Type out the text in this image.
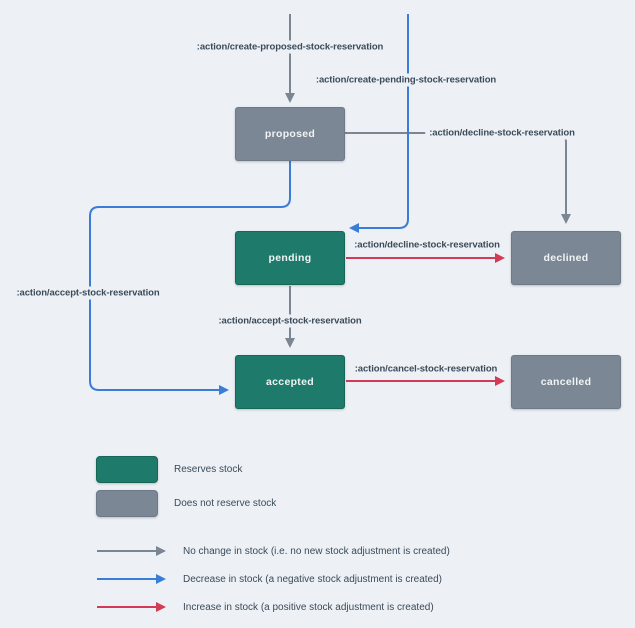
proposed
pending	declined
accepted	cancelled
:action/create-proposed-stock-reservation
:action/create-pending-stock-reservation
:action/decline-stock-reservation
:action/decline-stock-reservation
:action/accept-stock-reservation
:action/accept-stock-reservation
:action/cancel-stock-reservation
Reserves stock
Does not reserve stock
No change in stock (i.e. no new stock adjustment is created)
Decrease in stock (a negative stock adjustment is created)
Increase in stock (a positive stock adjustment is created)
